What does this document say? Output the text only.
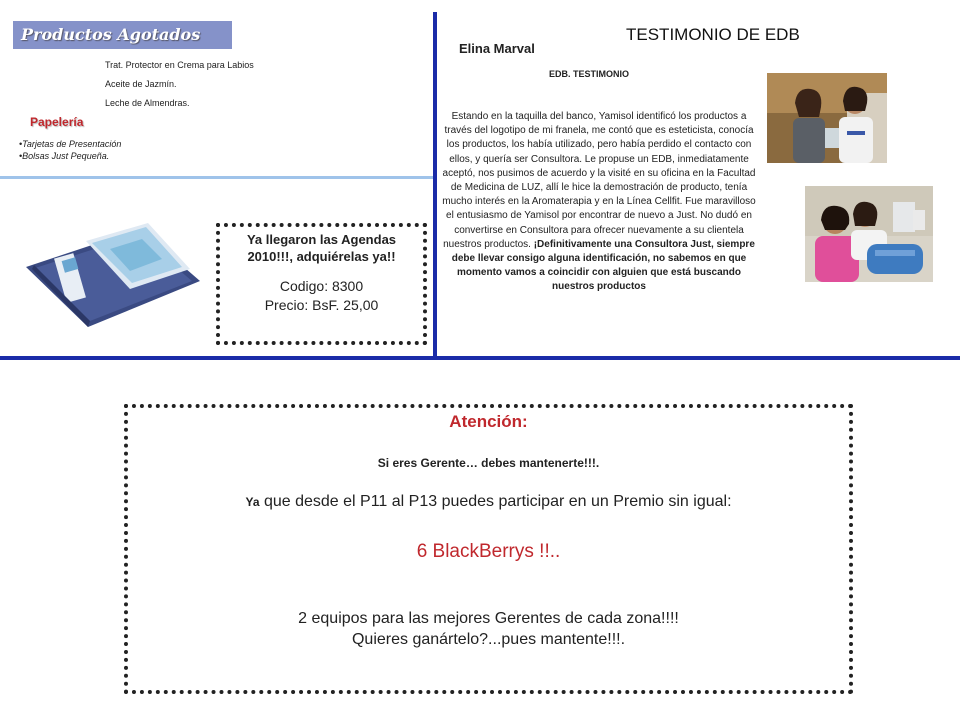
Productos Agotados
Trat. Protector en Crema para Labios
Aceite de Jazmín.
Leche de Almendras.
Papelería
• Tarjetas de Presentación
• Bolsas Just Pequeña.
Ya llegaron las Agendas 2010!!!, adquiérelas ya!!
Codigo: 8300
Precio: BsF. 25,00
TESTIMONIO DE EDB
Elina Marval
EDB. TESTIMONIO
Estando en la taquilla del banco, Yamisol identificó los productos a través del logotipo de mi franela, me contó que es esteticista, conocía los productos, los había utilizado, pero había perdido el contacto con ellos, y quería ser Consultora. Le propuse un EDB, inmediatamente aceptó, nos pusimos de acuerdo y la visité en su oficina en la Facultad de Medicina de LUZ, allí le hice la demostración de producto, tenía mucho interés en la Aromaterapia y en la Línea Cellfit. Fue maravilloso el entusiasmo de Yamisol por encontrar de nuevo a Just. No dudó en convertirse en Consultora para ofrecer nuevamente a su clientela nuestros productos. ¡Definitivamente una Consultora Just, siempre debe llevar consigo alguna identificación, no sabemos en que momento vamos a coincidir con alguien que está buscando nuestros productos
Atención:
Si eres Gerente… debes mantenerte!!!.
Ya que desde el P11 al P13 puedes participar en un Premio sin igual:
6 BlackBerrys !!..
2 equipos para las mejores Gerentes de cada zona!!!!
Quieres ganártelo?...pues mantente!!!.
